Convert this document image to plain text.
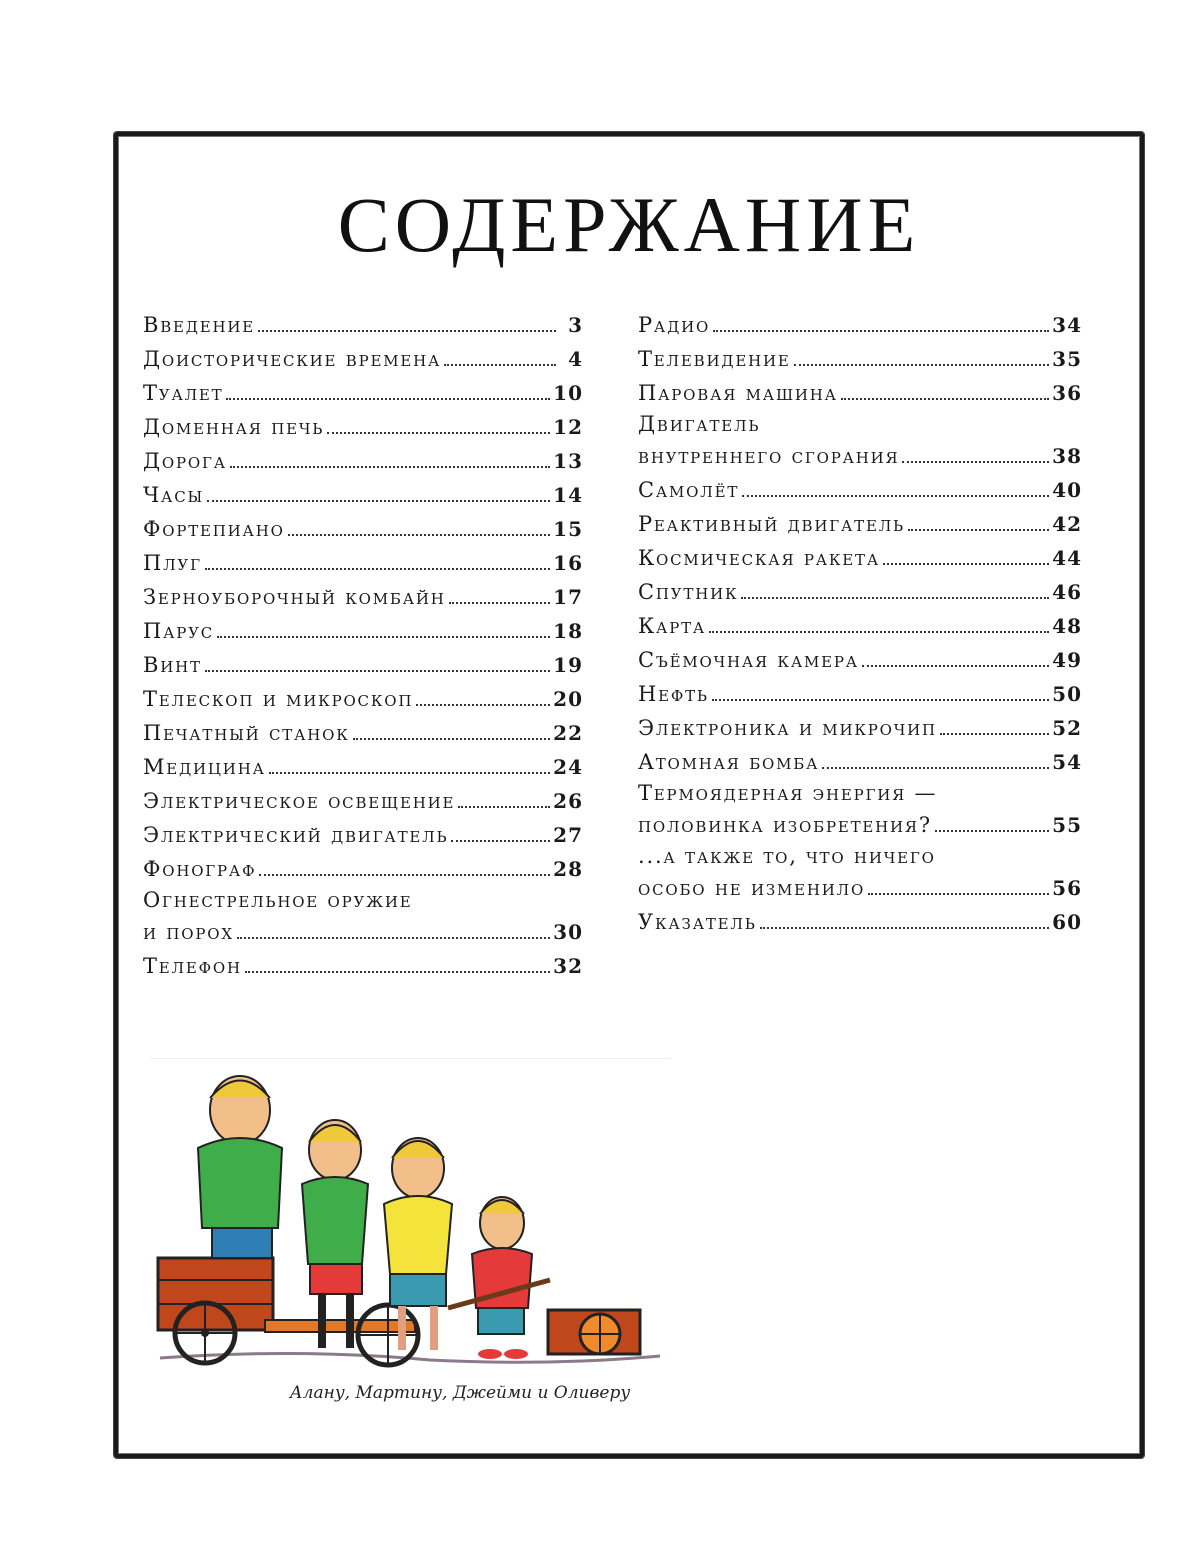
СОДЕРЖАНИЕ
Введение	3
Доисторические времена	4
Туалет	10
Доменная печь	12
Дорога	13
Часы	14
Фортепиано	15
Плуг	16
Зерноуборочный комбайн	17
Парус	18
Винт	19
Телескоп и микроскоп	20
Печатный станок	22
Медицина	24
Электрическое освещение	26
Электрический двигатель	27
Фонограф	28
Огнестрельное оружие
и порох	30
Телефон	32
Радио	34
Телевидение	35
Паровая машина	36
Двигатель
внутреннего сгорания	38
Самолёт	40
Реактивный двигатель	42
Космическая ракета	44
Спутник	46
Карта	48
Съёмочная камера	49
Нефть	50
Электроника и микрочип	52
Атомная бомба	54
Термоядерная энергия —
половинка изобретения?	55
...а также то, что ничего
особо не изменило	56
Указатель	60
Алану, Мартину, Джейми и Оливеру
